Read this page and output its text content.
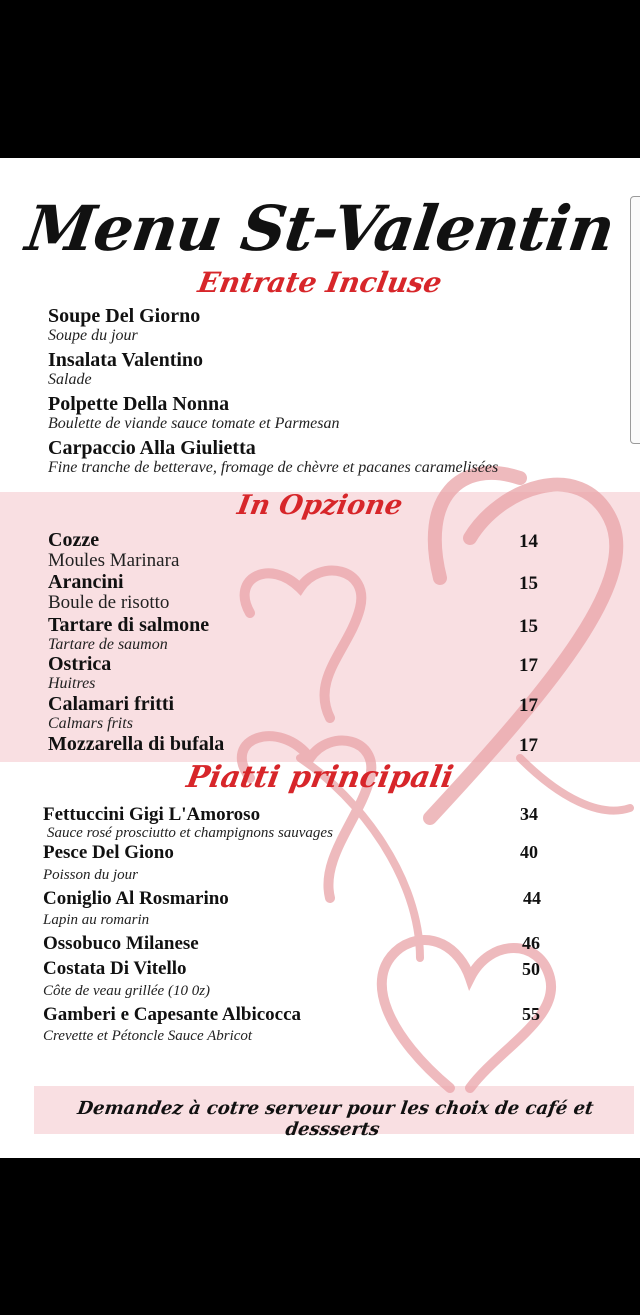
Menu St-Valentin
Entrate Incluse
Soupe Del Giorno
Soupe du jour
Insalata Valentino
Salade
Polpette Della Nonna
Boulette de viande sauce tomate et Parmesan
Carpaccio Alla Giulietta
Fine tranche de betterave, fromage de chèvre et pacanes caramelisées
In Opzione
Cozze
Moules Marinara
14
Arancini
Boule de risotto
15
Tartare di salmone
Tartare de saumon
15
Ostrica
Huitres
17
Calamari fritti
Calmars frits
17
Mozzarella di bufala	17
Piatti principali
Fettuccini Gigi L'Amoroso
Sauce rosé prosciutto et champignons sauvages
34
Pesce Del Giono
Poisson du jour
40
Coniglio Al Rosmarino
Lapin au romarin
44
Ossobuco Milanese	46
Costata Di Vitello
Côte de veau grillée (10 0z)
50
Gamberi e Capesante Albicocca
Crevette et Pétoncle Sauce Abricot
55
Demandez à cotre serveur pour les choix de café et dessserts
